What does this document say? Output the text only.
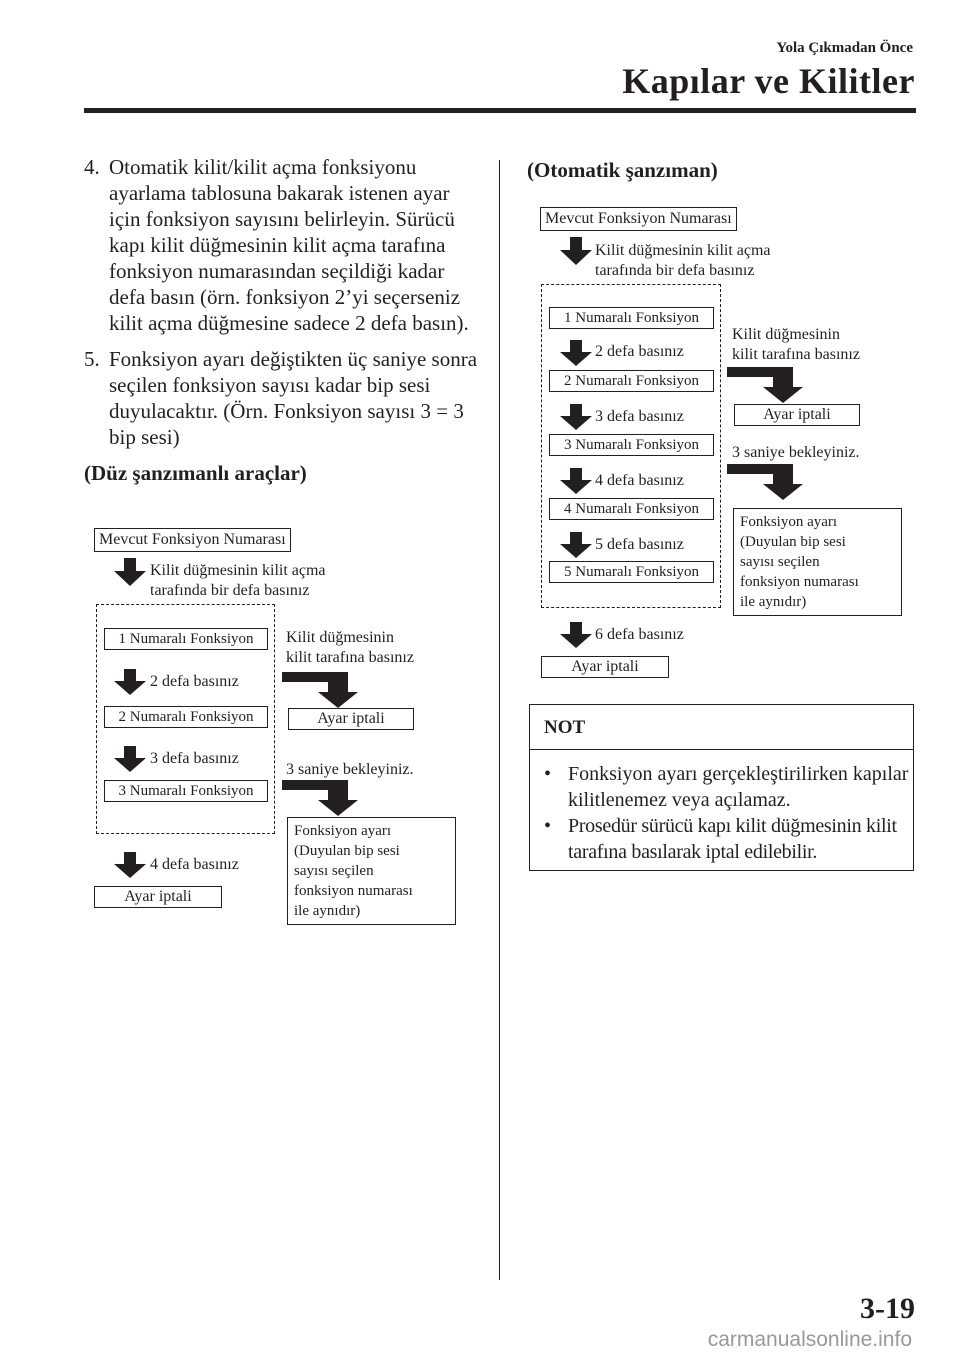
Yola Çıkmadan Önce
Kapılar ve Kilitler
4. Otomatik kilit/kilit açma fonksiyonu ayarlama tablosuna bakarak istenen ayar için fonksiyon sayısını belirleyin. Sürücü kapı kilit düğmesinin kilit açma tarafına fonksiyon numarasından seçildiği kadar defa basın (örn. fonksiyon 2’yi seçerseniz kilit açma düğmesine sadece 2 defa basın).
5. Fonksiyon ayarı değiştikten üç saniye sonra seçilen fonksiyon sayısı kadar bip sesi duyulacaktır. (Örn. Fonksiyon sayısı 3 = 3 bip sesi)
(Düz şanzımanlı araçlar)
Mevcut Fonksiyon Numarası
Kilit düğmesinin kilit açma
tarafında bir defa basınız
1 Numaralı Fonksiyon
2 defa basınız
2 Numaralı Fonksiyon
3 defa basınız
3 Numaralı Fonksiyon
4 defa basınız
Ayar iptali
Kilit düğmesinin
kilit tarafına basınız
Ayar iptali
3 saniye bekleyiniz.
Fonksiyon ayarı
(Duyulan bip sesi
sayısı seçilen
fonksiyon numarası
ile aynıdır)
(Otomatik şanzıman)
Mevcut Fonksiyon Numarası
Kilit düğmesinin kilit açma
tarafında bir defa basınız
1 Numaralı Fonksiyon
2 defa basınız
2 Numaralı Fonksiyon
3 defa basınız
3 Numaralı Fonksiyon
4 defa basınız
4 Numaralı Fonksiyon
5 defa basınız
5 Numaralı Fonksiyon
6 defa basınız
Ayar iptali
Kilit düğmesinin
kilit tarafına basınız
Ayar iptali
3 saniye bekleyiniz.
Fonksiyon ayarı
(Duyulan bip sesi
sayısı seçilen
fonksiyon numarası
ile aynıdır)
NOT
• Fonksiyon ayarı gerçekleştirilirken kapılar kilitlenemez veya açılamaz.
• Prosedür sürücü kapı kilit düğmesinin kilit tarafına basılarak iptal edilebilir.
3-19
carmanualsonline.info
